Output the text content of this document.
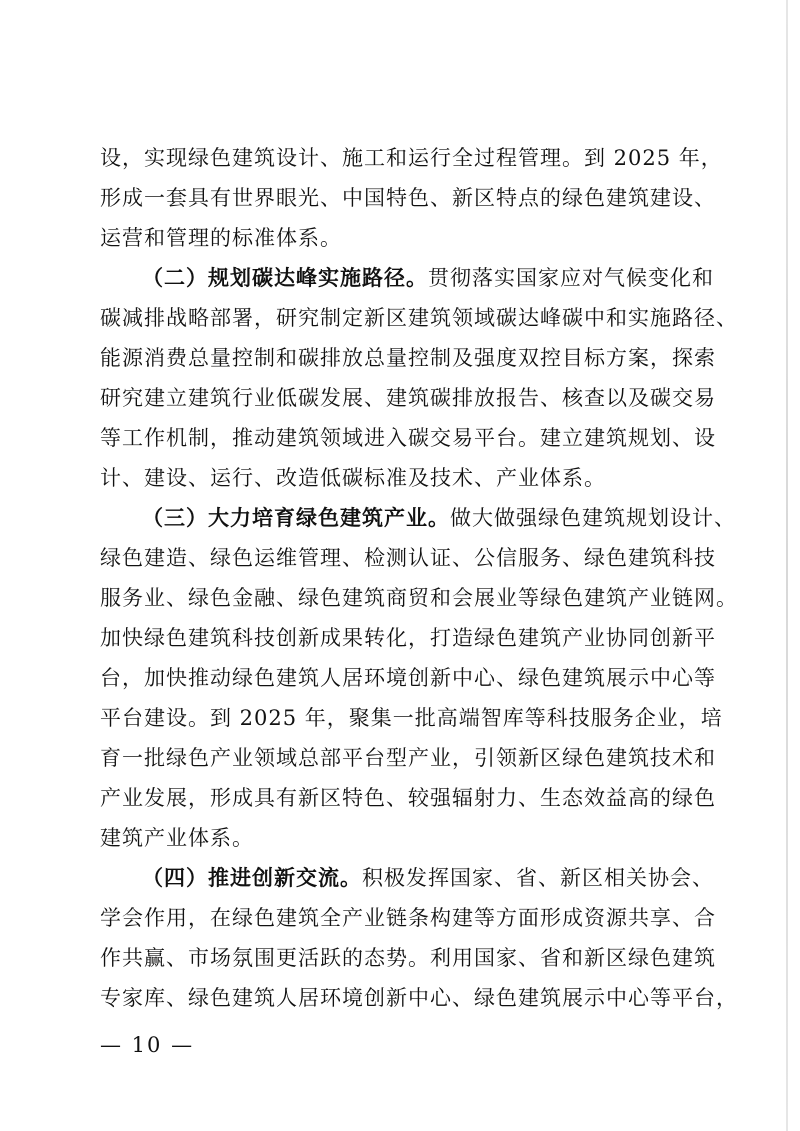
设，实现绿色建筑设计、施工和运行全过程管理。到 2025 年，
形成一套具有世界眼光、中国特色、新区特点的绿色建筑建设、
运营和管理的标准体系。
（二）规划碳达峰实施路径。贯彻落实国家应对气候变化和
碳减排战略部署，研究制定新区建筑领域碳达峰碳中和实施路径、
能源消费总量控制和碳排放总量控制及强度双控目标方案，探索
研究建立建筑行业低碳发展、建筑碳排放报告、核查以及碳交易
等工作机制，推动建筑领域进入碳交易平台。建立建筑规划、设
计、建设、运行、改造低碳标准及技术、产业体系。
（三）大力培育绿色建筑产业。做大做强绿色建筑规划设计、
绿色建造、绿色运维管理、检测认证、公信服务、绿色建筑科技
服务业、绿色金融、绿色建筑商贸和会展业等绿色建筑产业链网。
加快绿色建筑科技创新成果转化，打造绿色建筑产业协同创新平
台，加快推动绿色建筑人居环境创新中心、绿色建筑展示中心等
平台建设。到 2025 年，聚集一批高端智库等科技服务企业，培
育一批绿色产业领域总部平台型产业，引领新区绿色建筑技术和
产业发展，形成具有新区特色、较强辐射力、生态效益高的绿色
建筑产业体系。
（四）推进创新交流。积极发挥国家、省、新区相关协会、
学会作用，在绿色建筑全产业链条构建等方面形成资源共享、合
作共赢、市场氛围更活跃的态势。利用国家、省和新区绿色建筑
专家库、绿色建筑人居环境创新中心、绿色建筑展示中心等平台，
— 10 —
